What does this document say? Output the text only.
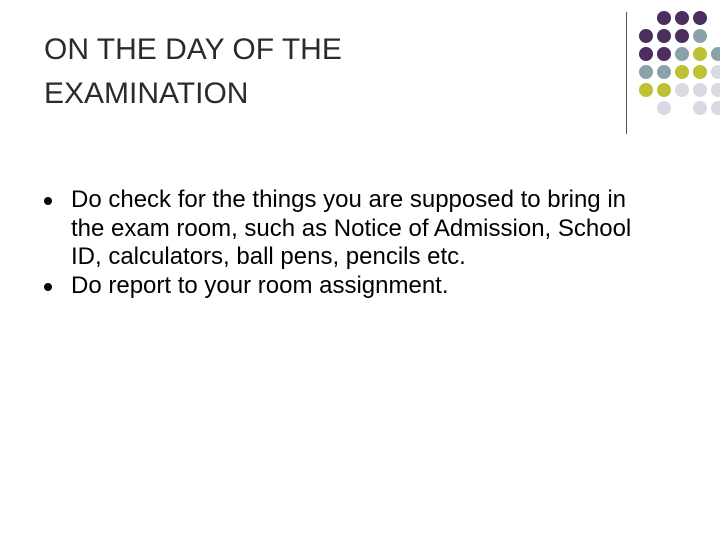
ON THE DAY OF THE
EXAMINATION
Do check for the things you are supposed to bring in the exam room, such as Notice of Admission, School ID, calculators, ball pens, pencils etc.
Do report to your room assignment.
